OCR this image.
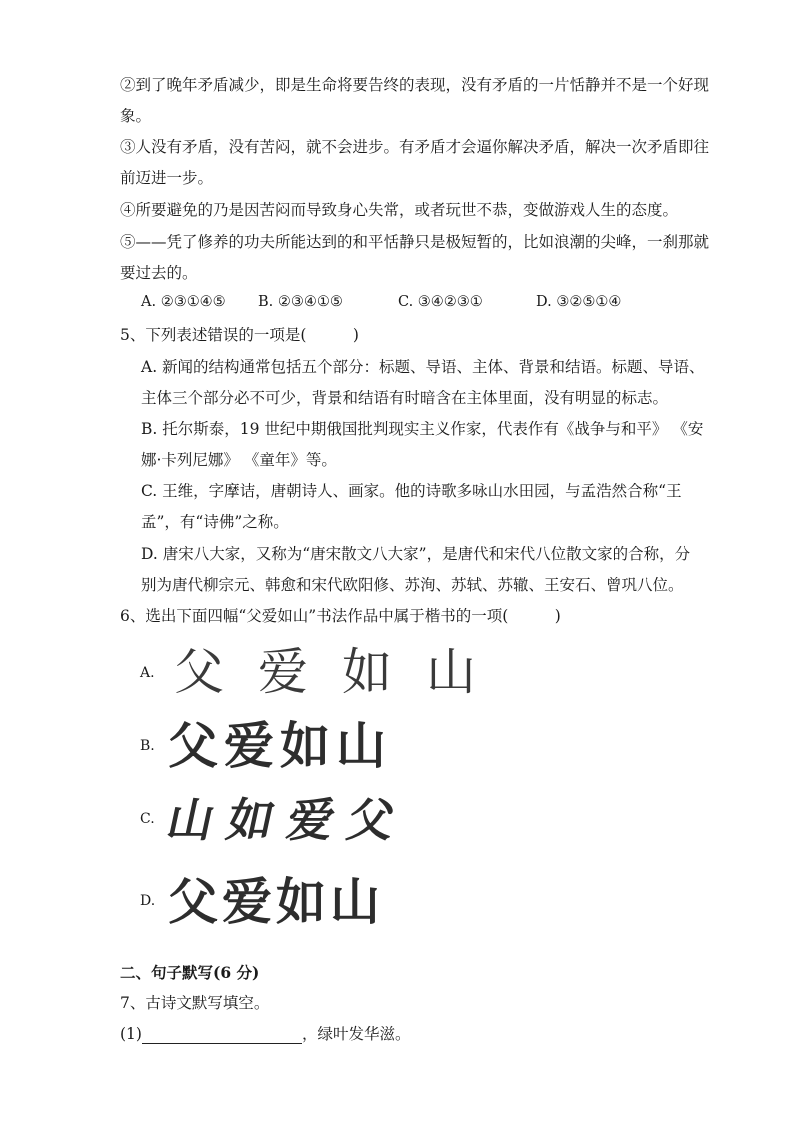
②到了晚年矛盾减少，即是生命将要告终的表现，没有矛盾的一片恬静并不是一个好现
象。
③人没有矛盾，没有苦闷，就不会进步。有矛盾才会逼你解决矛盾，解决一次矛盾即往
前迈进一步。
④所要避免的乃是因苦闷而导致身心失常，或者玩世不恭，变做游戏人生的态度。
⑤——凭了修养的功夫所能达到的和平恬静只是极短暂的，比如浪潮的尖峰，一刹那就
要过去的。
A. ②③①④⑤ B. ②③④①⑤	C. ③④②③①	D. ③②⑤①④
5、下列表述错误的一项是(　　　)
A. 新闻的结构通常包括五个部分：标题、导语、主体、背景和结语。标题、导语、
主体三个部分必不可少，背景和结语有时暗含在主体里面，没有明显的标志。
B. 托尔斯泰，19 世纪中期俄国批判现实主义作家，代表作有《战争与和平》 《安
娜·卡列尼娜》 《童年》等。
C. 王维，字摩诘，唐朝诗人、画家。他的诗歌多咏山水田园，与孟浩然合称“王
孟”，有“诗佛”之称。
D. 唐宋八大家，又称为“唐宋散文八大家”，是唐代和宋代八位散文家的合称，分
别为唐代柳宗元、韩愈和宋代欧阳修、苏洵、苏轼、苏辙、王安石、曾巩八位。
6、选出下面四幅“父爱如山”书法作品中属于楷书的一项(　　　)
A. 父爱如山
B. 父爱如山
C. 山如爱父
D. 父爱如山
二、句子默写(6 分)
7、古诗文默写填空。
(1)	，绿叶发华滋。
